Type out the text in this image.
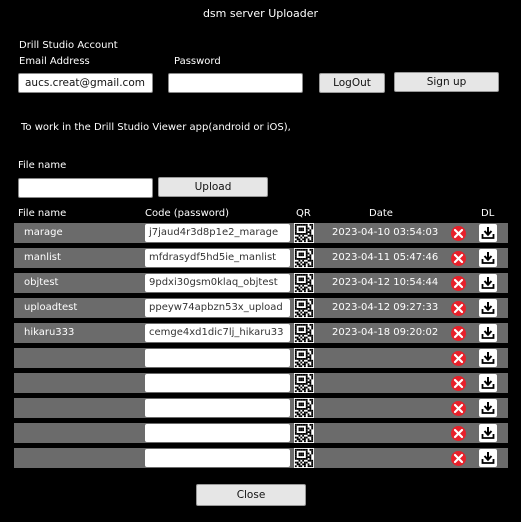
dsm server Uploader
Drill Studio Account
Email Address	Password
aucs.creat@gmail.com	LogOut	Sign up
To work in the Drill Studio Viewer app(android or iOS),
File name
Upload
File name	Code (password)	QR	Date	DL
marage	j7jaud4r3d8p1e2_marage	2023-04-10 03:54:03
manlist	mfdrasydf5hd5ie_manlist	2023-04-11 05:47:46
objtest	9pdxi30gsm0klaq_objtest	2023-04-12 10:54:44
uploadtest	ppeyw74apbzn53x_upload	2023-04-12 09:27:33
hikaru333	cemge4xd1dic7lj_hikaru33	2023-04-18 09:20:02
Close
